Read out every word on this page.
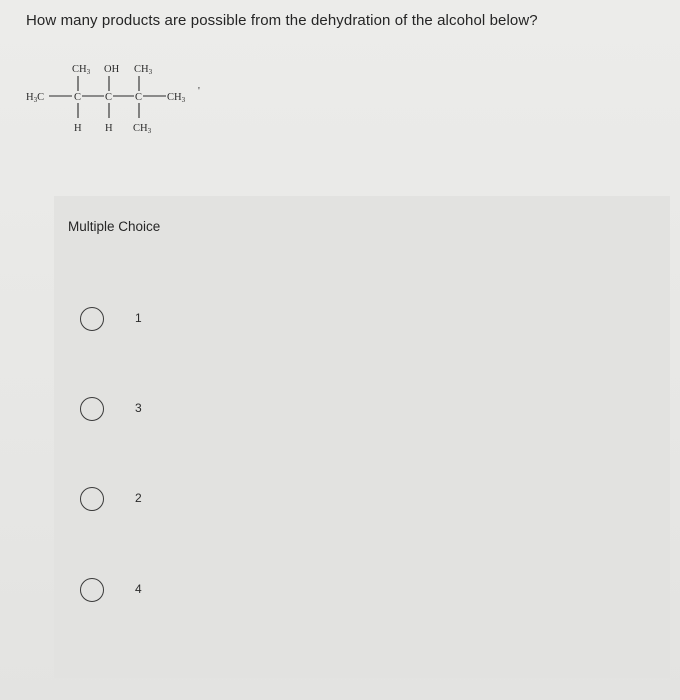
How many products are possible from the dehydration of the alcohol below?
CH3 OH CH3
H3C	C C C CH3
'
H H CH3
Multiple Choice
1
3
2
4
